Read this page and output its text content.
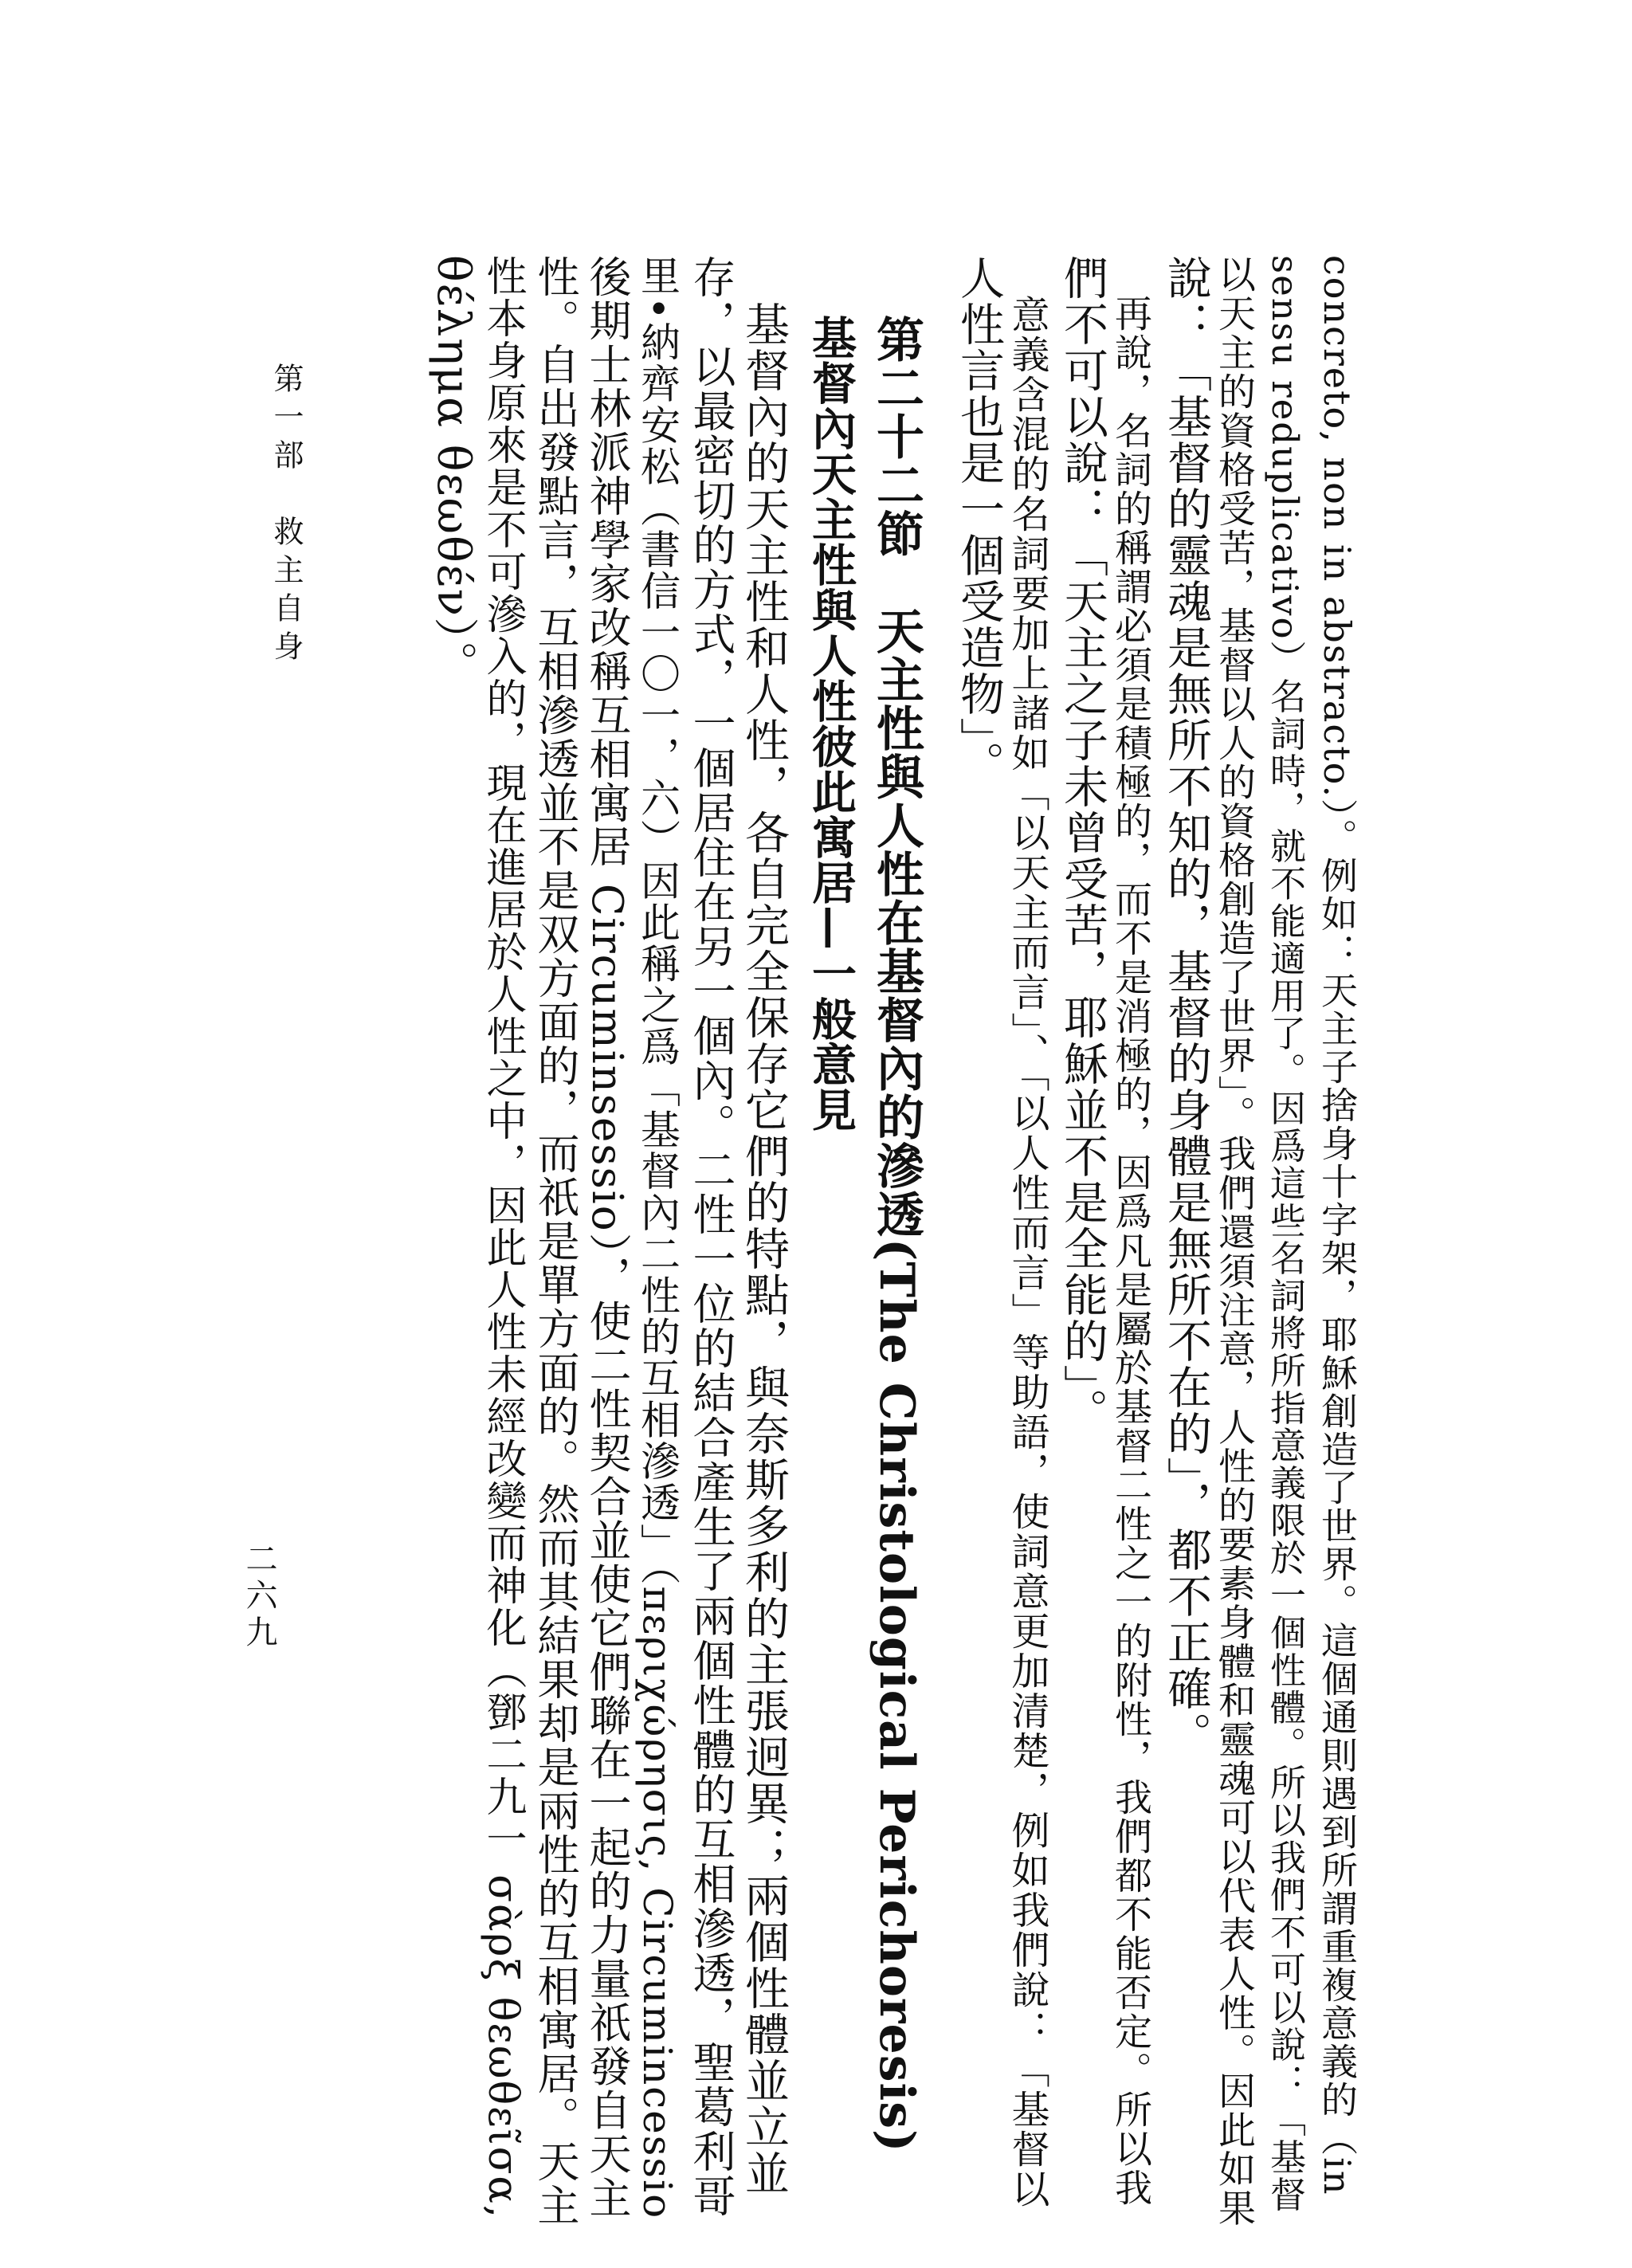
二六九
第一部　救主自身	concreto, non in abstracto.）。例如：天主子捨身十字架，耶穌創造了世界。這個通則遇到所謂重複意義的（in
sensu reduplicativo）名詞時，就不能適用了。因爲這些名詞將所指意義限於一個性體。所以我們不可以說：「基督
以天主的資格受苦，基督以人的資格創造了世界」。我們還須注意，人性的要素身體和靈魂可以代表人性。因此如果
說：「基督的靈魂是無所不知的，基督的身體是無所不在的」，都不正確。
　再說，名詞的稱謂必須是積極的，而不是消極的，因爲凡是屬於基督二性之一的附性，我們都不能否定。所以我
們不可以說：「天主之子未曾受苦，耶穌並不是全能的」。
　意義含混的名詞要加上諸如「以天主而言」、「以人性而言」等助語，使詞意更加清楚，例如我們說：「基督以
人性言也是一個受造物」。
第二十二節　天主性與人性在基督內的滲透(The Christological Perichoresis)
基督內天主性與人性彼此寓居—一般意見
　基督內的天主性和人性，各自完全保存它們的特點，與奈斯多利的主張迥異；兩個性體並立並
存，以最密切的方式，一個居住在另一個內。二性一位的結合產生了兩個性體的互相滲透，聖葛利哥
里•納齊安松（書信一〇一，六）因此稱之爲「基督內二性的互相滲透」（περιχώρησις, Circumincessio
後期士林派神學家改稱互相寓居 Circuminsessio），使二性契合並使它們聯在一起的力量祇發自天主
性。自出發點言，互相滲透並不是双方面的，而祇是單方面的。然而其結果却是兩性的互相寓居。天主
性本身原來是不可滲入的，現在進居於人性之中，因此人性未經改變而神化（鄧二九一 σὰρξ θεωθεῖσα,
θέλημα θεωθέν）。
